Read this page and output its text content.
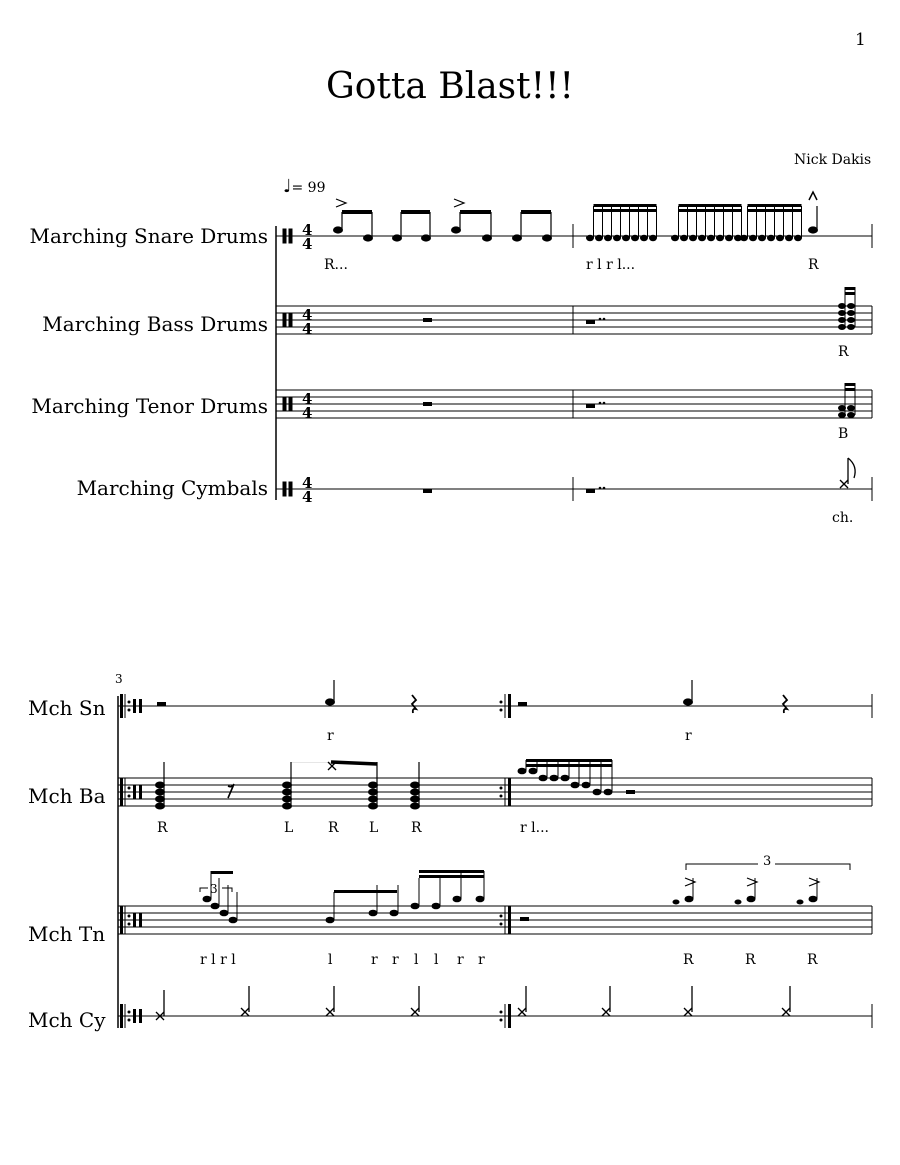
1
Gotta Blast!!!
Nick Dakis
♩= 99
Marching Snare Drums
Marching Bass Drums
Marching Tenor Drums
Marching Cymbals
R...	r l r l...	R
R
B
ch.
Mch Sn
Mch Ba
Mch Tn
Mch Cy
3
r	r
R	L R L R	r l...
r l r l	l	r r l l r r	R	R	R
3
3
4
4
4
4
4
4
4
4
